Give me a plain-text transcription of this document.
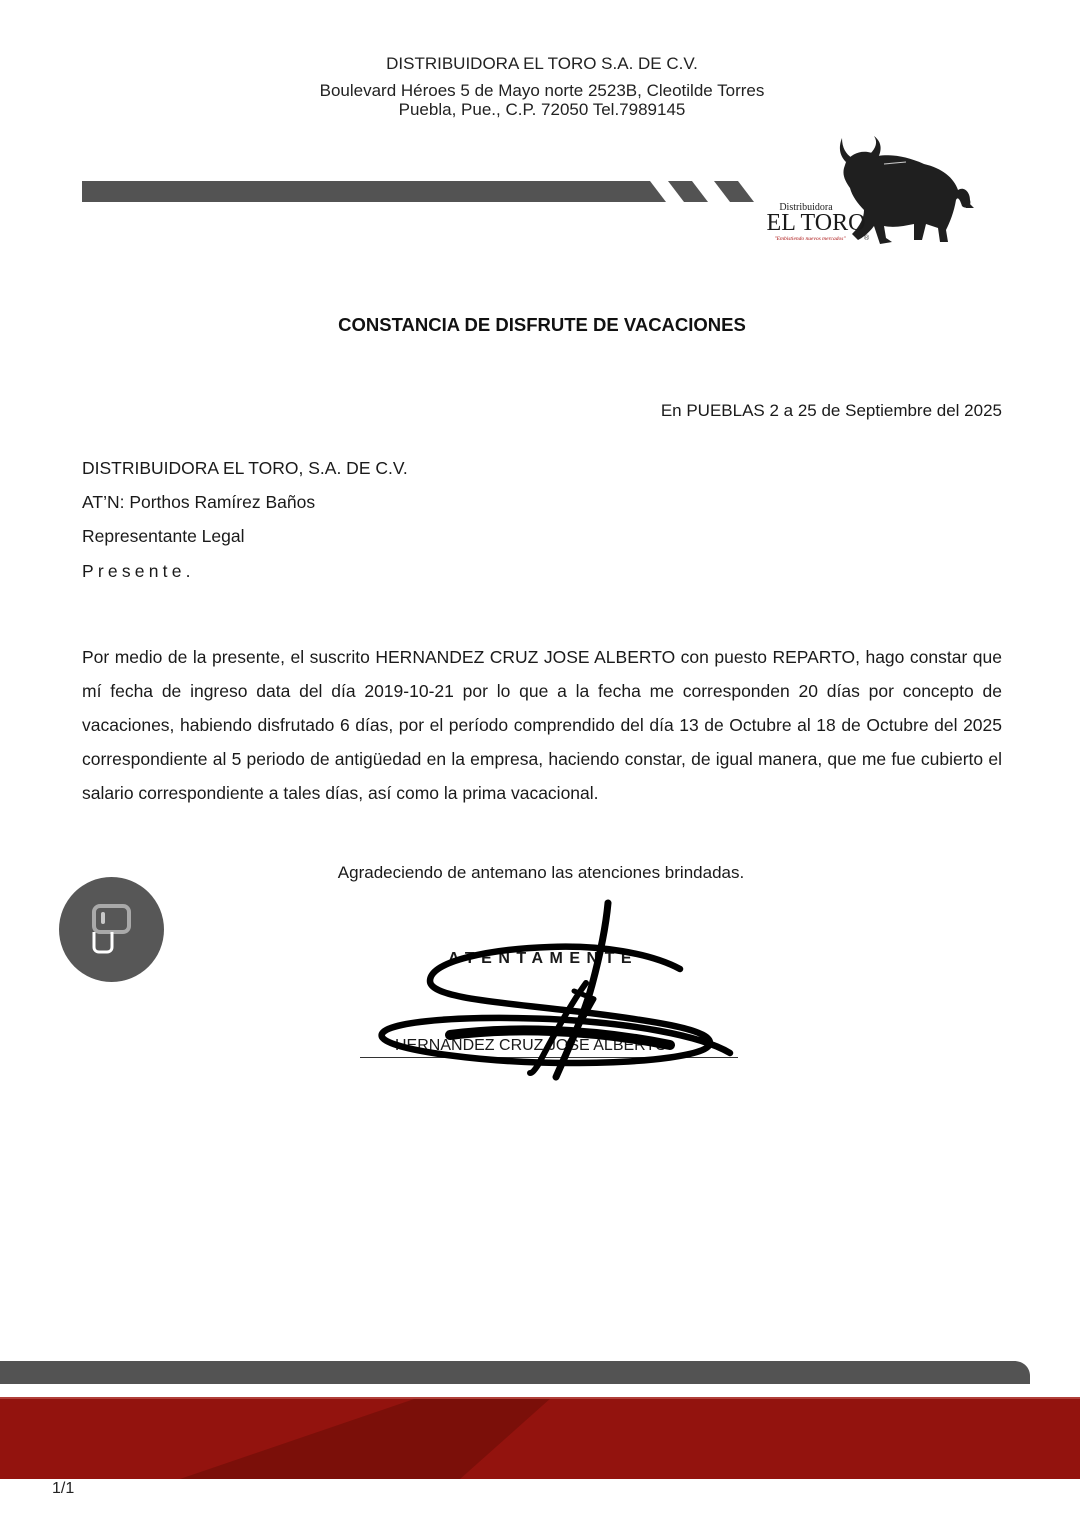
DISTRIBUIDORA EL TORO S.A. DE C.V.
Boulevard Héroes 5 de Mayo norte 2523B, Cleotilde Torres
Puebla, Pue., C.P. 72050 Tel.7989145
Distribuidora
EL TORO
"Embistiendo nuevos mercados"	®
CONSTANCIA DE DISFRUTE DE VACACIONES
En PUEBLAS 2 a 25 de Septiembre del 2025
DISTRIBUIDORA EL TORO, S.A. DE C.V.
AT’N: Porthos Ramírez Baños
Representante Legal
Presente.
Por medio de la presente, el suscrito HERNANDEZ CRUZ JOSE ALBERTO con puesto REPARTO, hago constar que mí fecha de ingreso data del día 2019-10-21 por lo que a la fecha me corresponden 20 días por concepto de vacaciones, habiendo disfrutado 6 días, por el período comprendido del día 13 de Octubre al 18 de Octubre del 2025 correspondiente al 5 periodo de antigüedad en la empresa, haciendo constar, de igual manera, que me fue cubierto el salario correspondiente a tales días, así como la prima vacacional.
Agradeciendo de antemano las atenciones brindadas.
ATENTAMENTE
HERNANDEZ CRUZ JOSE ALBERTO
1/1
